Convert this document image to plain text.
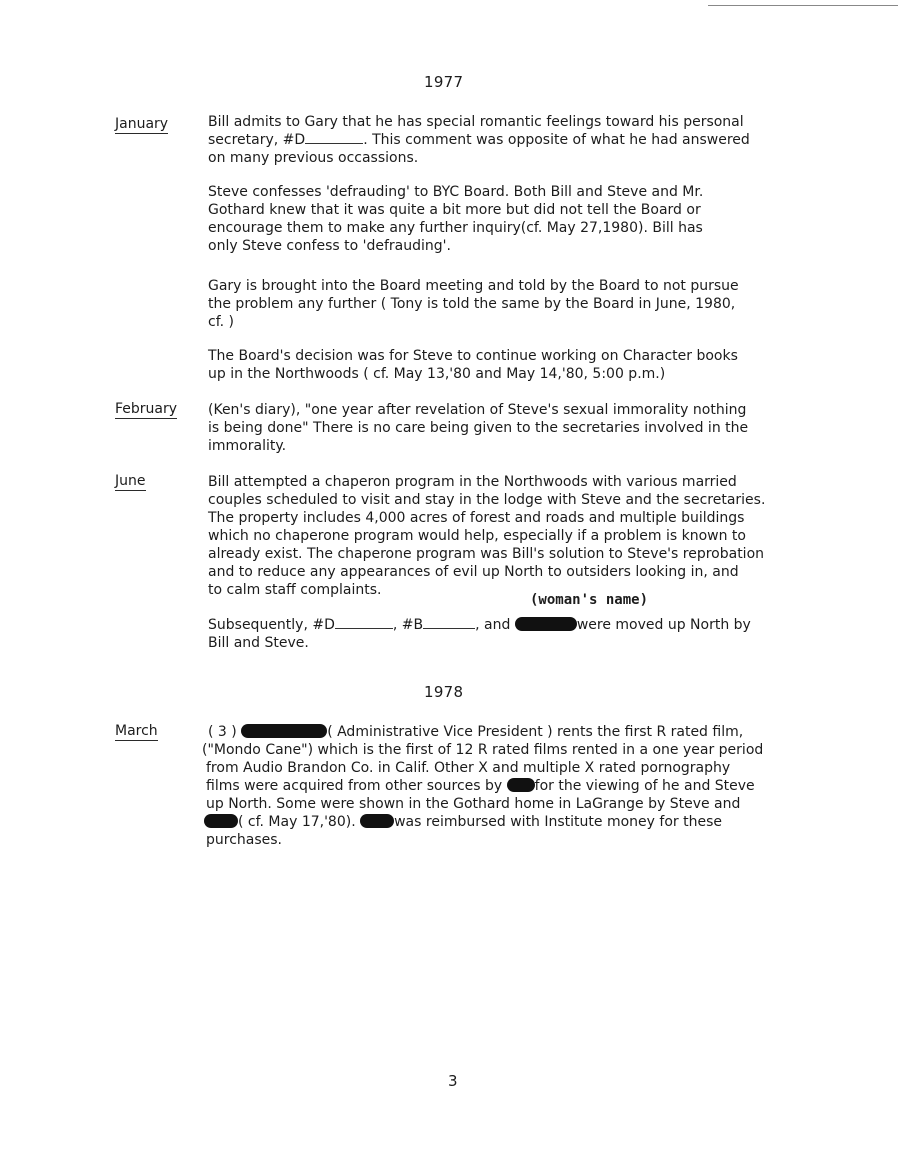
1977
January	Bill admits to Gary that he has special romantic feelings toward his personal
secretary, #D	. This comment was opposite of what he had answered
on many previous occassions.
Steve confesses 'defrauding' to BYC Board. Both Bill and Steve and Mr.
Gothard knew that it was quite a bit more but did not tell the Board or
encourage them to make any further inquiry(cf. May 27,1980). Bill has
only Steve confess to 'defrauding'.
Gary is brought into the Board meeting and told by the Board to not pursue
the problem any further ( Tony is told the same by the Board in June, 1980,
cf. )
The Board's decision was for Steve to continue working on Character books
up in the Northwoods ( cf. May 13,'80 and May 14,'80, 5:00 p.m.)
February (Ken's diary), "one year after revelation of Steve's sexual immorality nothing
is being done" There is no care being given to the secretaries involved in the
immorality.
June	Bill attempted a chaperon program in the Northwoods with various married
couples scheduled to visit and stay in the lodge with Steve and the secretaries.
The property includes 4,000 acres of forest and roads and multiple buildings
which no chaperone program would help, especially if a problem is known to
already exist. The chaperone program was Bill's solution to Steve's reprobation
and to reduce any appearances of evil up North to outsiders looking in, and
to calm staff complaints.
(woman's name)
Subsequently, #D	, #B	, and	were moved up North by
Bill and Steve.
1978
March	( 3 )	( Administrative Vice President ) rents the first R rated film,
("Mondo Cane") which is the first of 12 R rated films rented in a one year period
from Audio Brandon Co. in Calif. Other X and multiple X rated pornography
films were acquired from other sources by for the viewing of he and Steve
up North. Some were shown in the Gothard home in LaGrange by Steve and
( cf. May 17,'80).	was reimbursed with Institute money for these
purchases.
3
